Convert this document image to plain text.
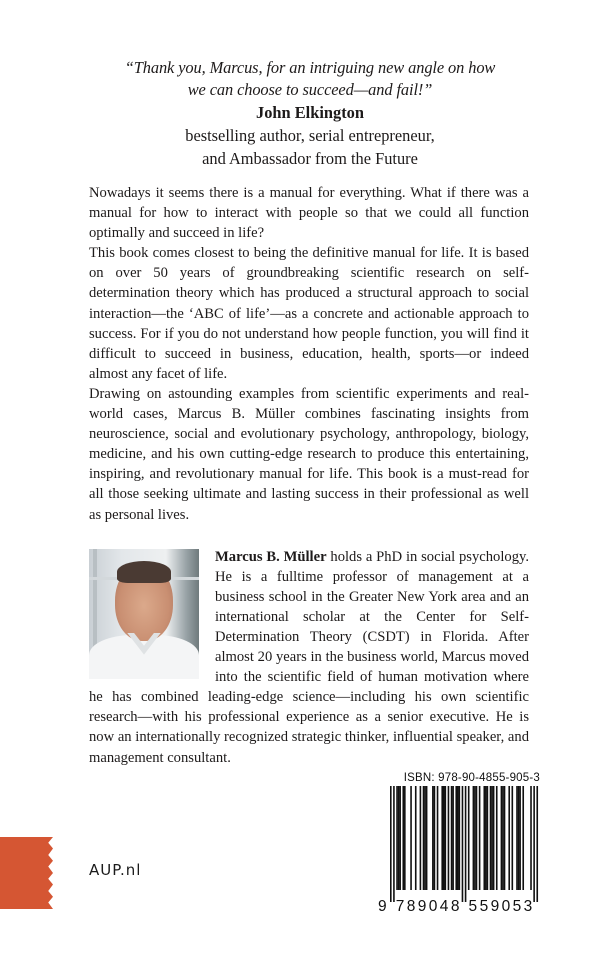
“Thank you, Marcus, for an intriguing new angle on how
we can choose to succeed—and fail!”
John Elkington
bestselling author, serial entrepreneur,
and Ambassador from the Future

Nowadays it seems there is a manual for everything. What if there was a manual for how to interact with people so that we could all function optimally and succeed in life?

This book comes closest to being the definitive manual for life. It is based on over 50 years of groundbreaking scientific research on self-determination theory which has produced a structural approach to social interaction—the ‘ABC of life’—as a concrete and actionable approach to success. For if you do not understand how people function, you will find it difficult to succeed in business, education, health, sports—or indeed almost any facet of life.

Drawing on astounding examples from scientific experiments and real-world cases, Marcus B. Müller combines fascinating insights from neuroscience, social and evolutionary psychology, anthropology, biology, medicine, and his own cutting-edge research to produce this entertaining, inspiring, and revolutionary manual for life. This book is a must-read for all those seeking ultimate and lasting success in their professional as well as personal lives.

Marcus B. Müller holds a PhD in social psychology. He is a fulltime professor of management at a business school in the Greater New York area and an international scholar at the Center for Self-Determination Theory (CSDT) in Florida. After almost 20 years in the business world, Marcus moved into the scientific field of human motivation where he has combined leading-edge science—including his own scientific research—with his professional experience as a senior executive. He is now an internationally recognized strategic thinker, influential speaker, and management consultant.
ISBN: 978-90-4855-905-3
9 789048 559053
AUP.nl
